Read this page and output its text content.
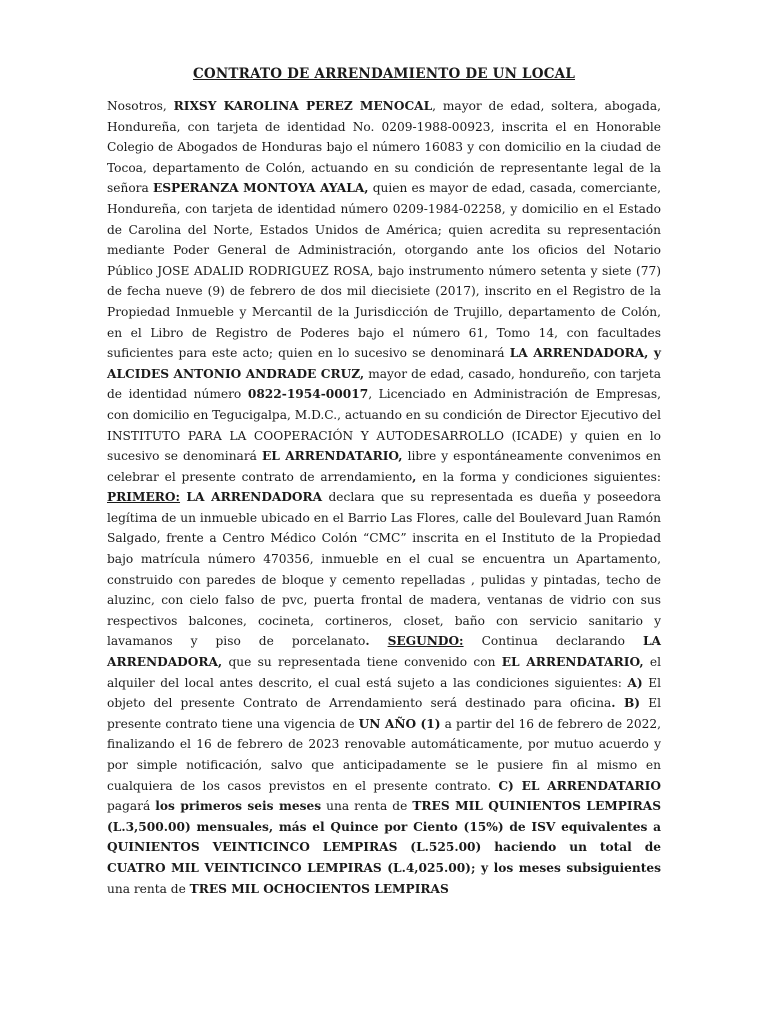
CONTRATO DE ARRENDAMIENTO DE UN LOCAL

Nosotros, RIXSY KAROLINA PEREZ MENOCAL, mayor de edad, soltera, abogada, Hondureña, con tarjeta de identidad No. 0209-1988-00923, inscrita el en Honorable Colegio de Abogados de Honduras bajo el número 16083 y con domicilio en la ciudad de Tocoa, departamento de Colón, actuando en su condición de representante legal de la señora ESPERANZA MONTOYA AYALA, quien es mayor de edad, casada, comerciante, Hondureña, con tarjeta de identidad número 0209-1984-02258, y domicilio en el Estado de Carolina del Norte, Estados Unidos de América; quien acredita su representación mediante Poder General de Administración, otorgando ante los oficios del Notario Público JOSE ADALID RODRIGUEZ ROSA, bajo instrumento número setenta y siete (77) de fecha nueve (9) de febrero de dos mil diecisiete (2017), inscrito en el Registro de la Propiedad Inmueble y Mercantil de la Jurisdicción de Trujillo, departamento de Colón, en el Libro de Registro de Poderes bajo el número 61, Tomo 14, con facultades suficientes para este acto; quien en lo sucesivo se denominará LA ARRENDADORA, y ALCIDES ANTONIO ANDRADE CRUZ, mayor de edad, casado, hondureño, con tarjeta de identidad número 0822-1954-00017, Licenciado en Administración de Empresas, con domicilio en Tegucigalpa, M.D.C., actuando en su condición de Director Ejecutivo del INSTITUTO PARA LA COOPERACIÓN Y AUTODESARROLLO (ICADE) y quien en lo sucesivo se denominará EL ARRENDATARIO, libre y espontáneamente convenimos en celebrar el presente contrato de arrendamiento, en la forma y condiciones siguientes: PRIMERO: LA ARRENDADORA declara que su representada es dueña y poseedora legítima de un inmueble ubicado en el Barrio Las Flores, calle del Boulevard Juan Ramón Salgado, frente a Centro Médico Colón “CMC” inscrita en el Instituto de la Propiedad bajo matrícula número 470356, inmueble en el cual se encuentra un Apartamento, construido con paredes de bloque y cemento repelladas , pulidas y pintadas, techo de aluzinc, con cielo falso de pvc, puerta frontal de madera, ventanas de vidrio con sus respectivos balcones, cocineta, cortineros, closet, baño con servicio sanitario y lavamanos y piso de porcelanato. SEGUNDO: Continua declarando LA ARRENDADORA, que su representada tiene convenido con EL ARRENDATARIO, el alquiler del local antes descrito, el cual está sujeto a las condiciones siguientes: A) El objeto del presente Contrato de Arrendamiento será destinado para oficina. B) El presente contrato tiene una vigencia de UN AÑO (1) a partir del 16 de febrero de 2022, finalizando el 16 de febrero de 2023 renovable automáticamente, por mutuo acuerdo y por simple notificación, salvo que anticipadamente se le pusiere fin al mismo en cualquiera de los casos previstos en el presente contrato. C) EL ARRENDATARIO pagará los primeros seis meses una renta de TRES MIL QUINIENTOS LEMPIRAS (L.3,500.00) mensuales, más el Quince por Ciento (15%) de ISV equivalentes a QUINIENTOS VEINTICINCO LEMPIRAS (L.525.00) haciendo un total de CUATRO MIL VEINTICINCO LEMPIRAS (L.4,025.00); y los meses subsiguientes una renta de TRES MIL OCHOCIENTOS LEMPIRAS
